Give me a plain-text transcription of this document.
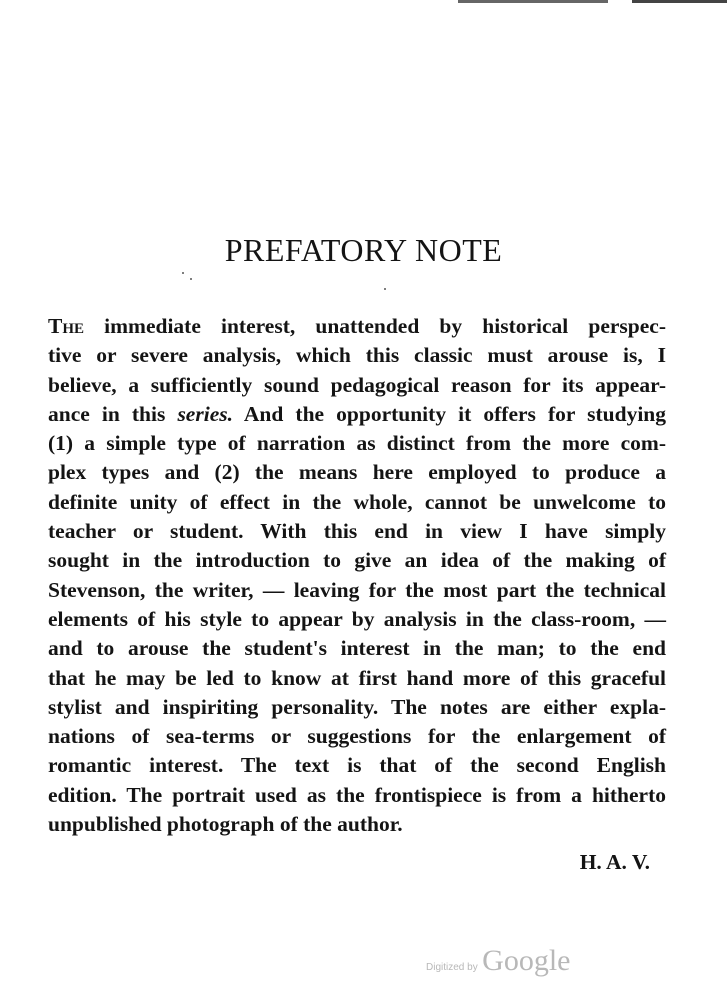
PREFATORY NOTE
The immediate interest, unattended by historical perspec-
tive or severe analysis, which this classic must arouse is, I
believe, a sufficiently sound pedagogical reason for its appear-
ance in this series. And the opportunity it offers for studying
(1) a simple type of narration as distinct from the more com-
plex types and (2) the means here employed to produce a
definite unity of effect in the whole, cannot be unwelcome to
teacher or student. With this end in view I have simply
sought in the introduction to give an idea of the making of
Stevenson, the writer, — leaving for the most part the technical
elements of his style to appear by analysis in the class-room, —
and to arouse the student's interest in the man; to the end
that he may be led to know at first hand more of this graceful
stylist and inspiriting personality. The notes are either expla-
nations of sea-terms or suggestions for the enlargement of
romantic interest. The text is that of the second English
edition. The portrait used as the frontispiece is from a hitherto
unpublished photograph of the author.
H. A. V.
Digitized by Google
